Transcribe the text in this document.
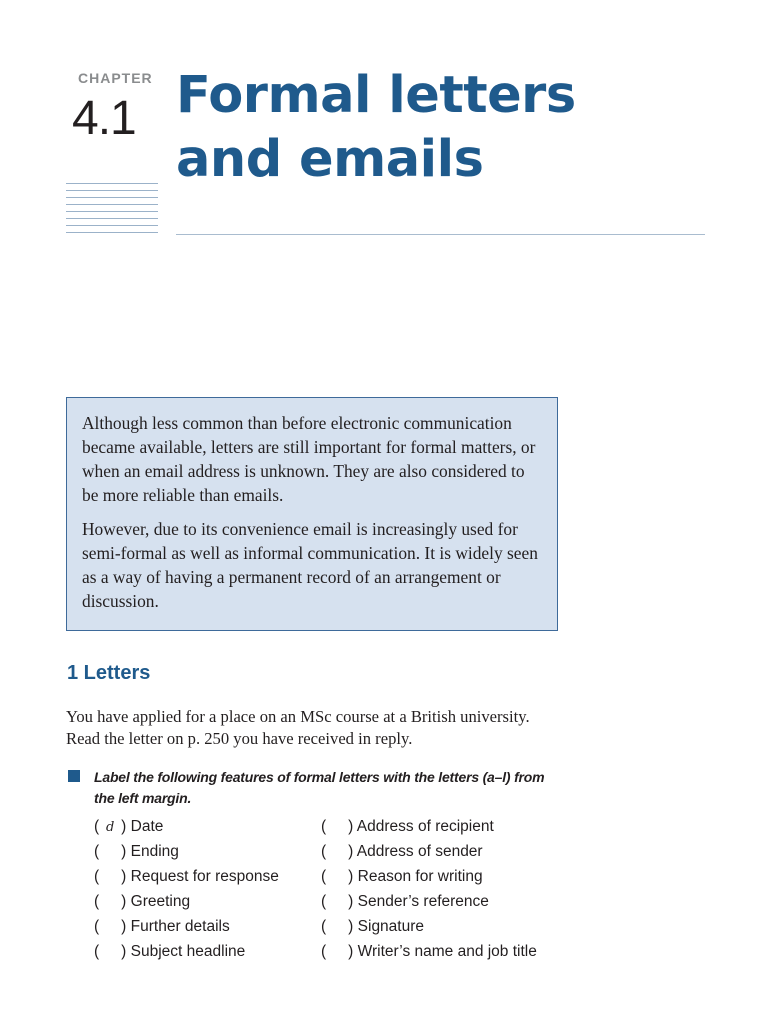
CHAPTER
4.1 Formal letters
and emails

Although less common than before electronic communication became available, letters are still important for formal matters, or when an email address is unknown. They are also considered to be more reliable than emails.

However, due to its convenience email is increasingly used for semi-formal as well as informal communication. It is widely seen as a way of having a permanent record of an arrangement or discussion.

1 Letters

You have applied for a place on an MSc course at a British university. Read the letter on p. 250 you have received in reply.

Label the following features of formal letters with the letters (a–l) from
the left margin.

( d ) Date	( ) Address of recipient
( ) Ending	( ) Address of sender
( ) Request for response	( ) Reason for writing
( ) Greeting	( ) Sender’s reference
( ) Further details	( ) Signature
( ) Subject headline	( ) Writer’s name and job title
